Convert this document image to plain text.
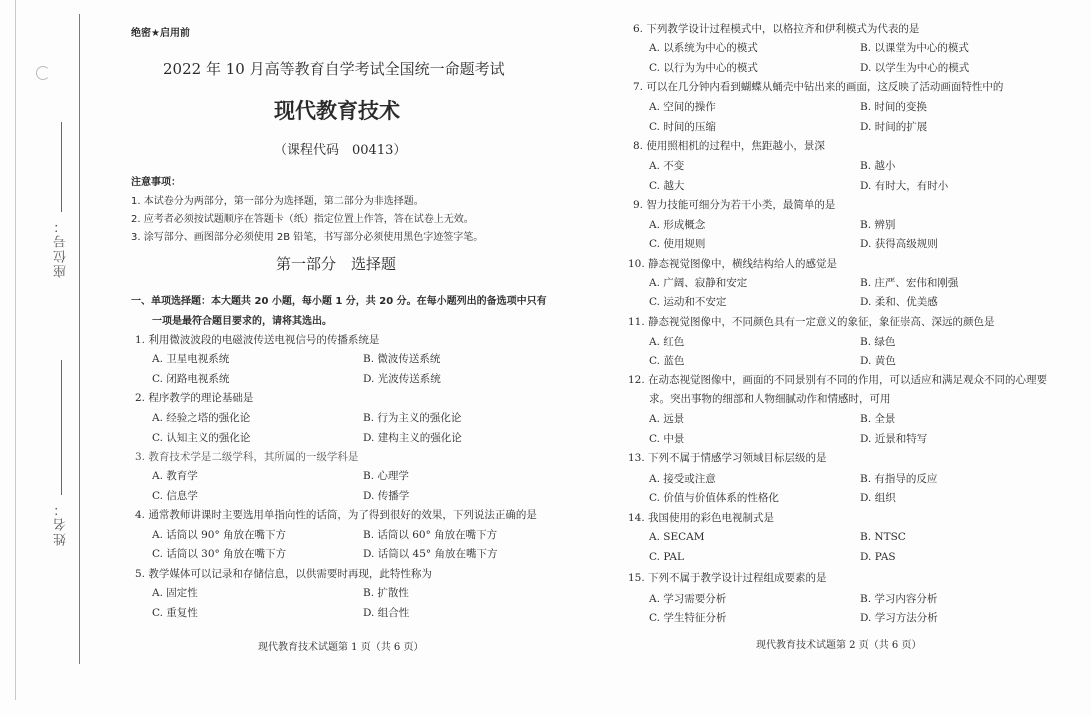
座位号：
姓名：
绝密★启用前
2022 年 10 月高等教育自学考试全国统一命题考试
现代教育技术
（课程代码　00413）
注意事项：
1. 本试卷分为两部分，第一部分为选择题，第二部分为非选择题。
2. 应考者必须按试题顺序在答题卡（纸）指定位置上作答，答在试卷上无效。
3. 涂写部分、画图部分必须使用 2B 铅笔，书写部分必须使用黑色字迹签字笔。
第一部分　选择题
一、单项选择题：本大题共 20 小题，每小题 1 分，共 20 分。在每小题列出的备选项中只有
一项是最符合题目要求的，请将其选出。
1. 利用微波波段的电磁波传送电视信号的传播系统是
A. 卫星电视系统	B. 微波传送系统
C. 闭路电视系统	D. 光波传送系统
2. 程序教学的理论基础是
A. 经验之塔的强化论	B. 行为主义的强化论
C. 认知主义的强化论	D. 建构主义的强化论
3. 教育技术学是二级学科，其所属的一级学科是
A. 教育学	B. 心理学
C. 信息学	D. 传播学
4. 通常教师讲课时主要选用单指向性的话筒，为了得到很好的效果，下列说法正确的是
A. 话筒以 90° 角放在嘴下方	B. 话筒以 60° 角放在嘴下方
C. 话筒以 30° 角放在嘴下方	D. 话筒以 45° 角放在嘴下方
5. 教学媒体可以记录和存储信息，以供需要时再现，此特性称为
A. 固定性	B. 扩散性
C. 重复性	D. 组合性
现代教育技术试题第 1 页（共 6 页）
6. 下列教学设计过程模式中，以格拉齐和伊利模式为代表的是
A. 以系统为中心的模式	B. 以课堂为中心的模式
C. 以行为为中心的模式	D. 以学生为中心的模式
7. 可以在几分钟内看到蝴蝶从蛹壳中钻出来的画面，这反映了活动画面特性中的
A. 空间的操作	B. 时间的变换
C. 时间的压缩	D. 时间的扩展
8. 使用照相机的过程中，焦距越小，景深
A. 不变	B. 越小
C. 越大	D. 有时大，有时小
9. 智力技能可细分为若干小类，最简单的是
A. 形成概念	B. 辨别
C. 使用规则	D. 获得高级规则
10. 静态视觉图像中，横线结构给人的感觉是
A. 广阔、寂静和安定	B. 庄严、宏伟和刚强
C. 运动和不安定	D. 柔和、优美感
11. 静态视觉图像中，不同颜色具有一定意义的象征，象征崇高、深远的颜色是
A. 红色	B. 绿色
C. 蓝色	D. 黄色
12. 在动态视觉图像中，画面的不同景别有不同的作用，可以适应和满足观众不同的心理要
求。突出事物的细部和人物细腻动作和情感时，可用
A. 远景	B. 全景
C. 中景	D. 近景和特写
13. 下列不属于情感学习领域目标层级的是
A. 接受或注意	B. 有指导的反应
C. 价值与价值体系的性格化	D. 组织
14. 我国使用的彩色电视制式是
A. SECAM	B. NTSC
C. PAL	D. PAS
15. 下列不属于教学设计过程组成要素的是
A. 学习需要分析	B. 学习内容分析
C. 学生特征分析	D. 学习方法分析
现代教育技术试题第 2 页（共 6 页）
